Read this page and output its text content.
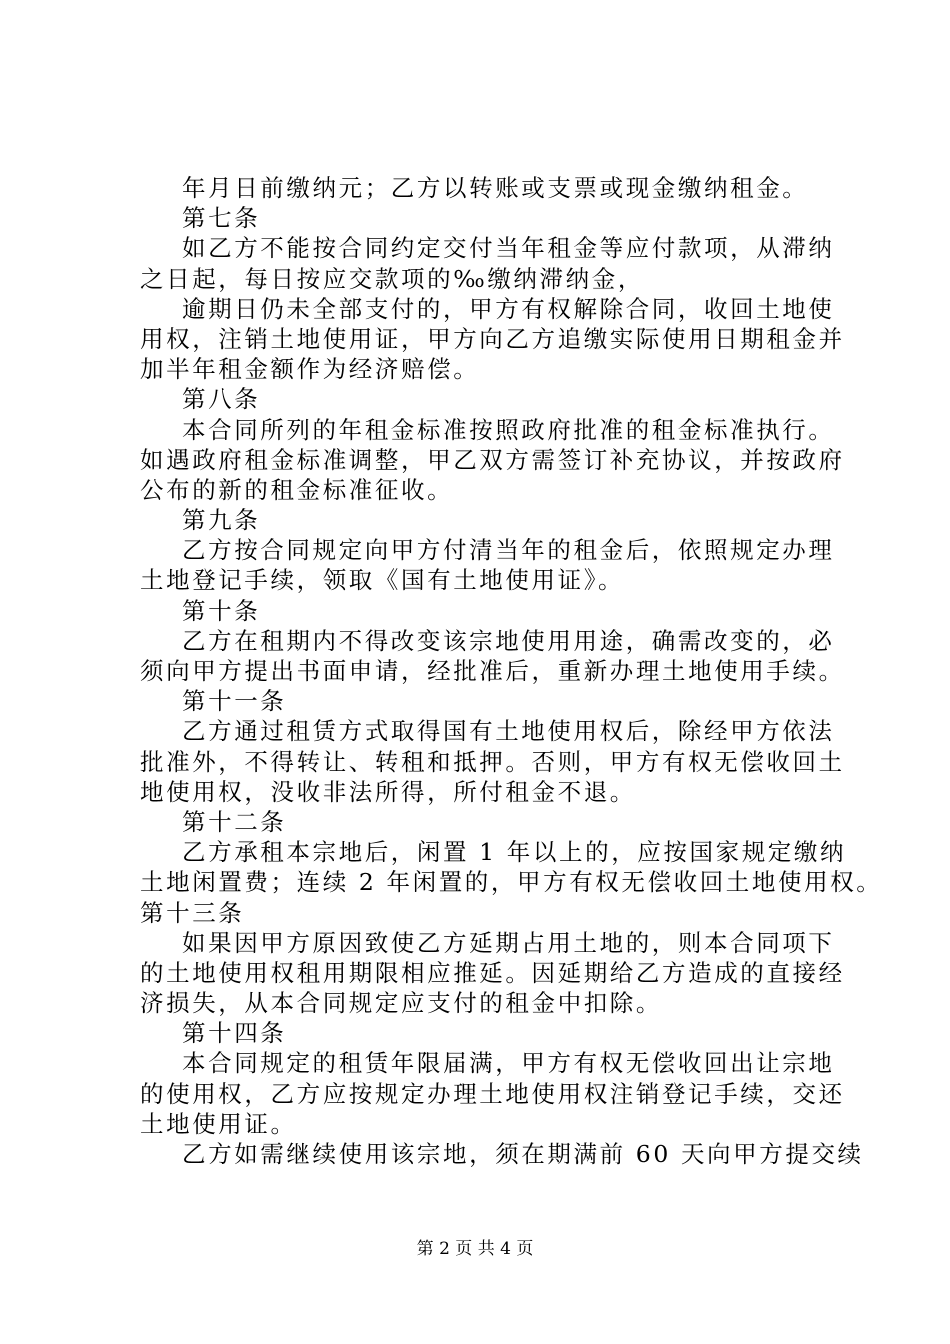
年月日前缴纳元；乙方以转账或支票或现金缴纳租金。
第七条
如乙方不能按合同约定交付当年租金等应付款项，从滞纳
之日起，每日按应交款项的‰缴纳滞纳金，
逾期日仍未全部支付的，甲方有权解除合同，收回土地使
用权，注销土地使用证，甲方向乙方追缴实际使用日期租金并
加半年租金额作为经济赔偿。
第八条
本合同所列的年租金标准按照政府批准的租金标准执行。
如遇政府租金标准调整，甲乙双方需签订补充协议，并按政府
公布的新的租金标准征收。
第九条
乙方按合同规定向甲方付清当年的租金后，依照规定办理
土地登记手续，领取《国有土地使用证》。
第十条
乙方在租期内不得改变该宗地使用用途，确需改变的，必
须向甲方提出书面申请，经批准后，重新办理土地使用手续。
第十一条
乙方通过租赁方式取得国有土地使用权后，除经甲方依法
批准外，不得转让、转租和抵押。否则，甲方有权无偿收回土
地使用权，没收非法所得，所付租金不退。
第十二条
乙方承租本宗地后，闲置 1 年以上的，应按国家规定缴纳
土地闲置费；连续 2 年闲置的，甲方有权无偿收回土地使用权。
第十三条
如果因甲方原因致使乙方延期占用土地的，则本合同项下
的土地使用权租用期限相应推延。因延期给乙方造成的直接经
济损失，从本合同规定应支付的租金中扣除。
第十四条
本合同规定的租赁年限届满，甲方有权无偿收回出让宗地
的使用权，乙方应按规定办理土地使用权注销登记手续，交还
土地使用证。
乙方如需继续使用该宗地，须在期满前 60 天向甲方提交续
第 2 页 共 4 页
